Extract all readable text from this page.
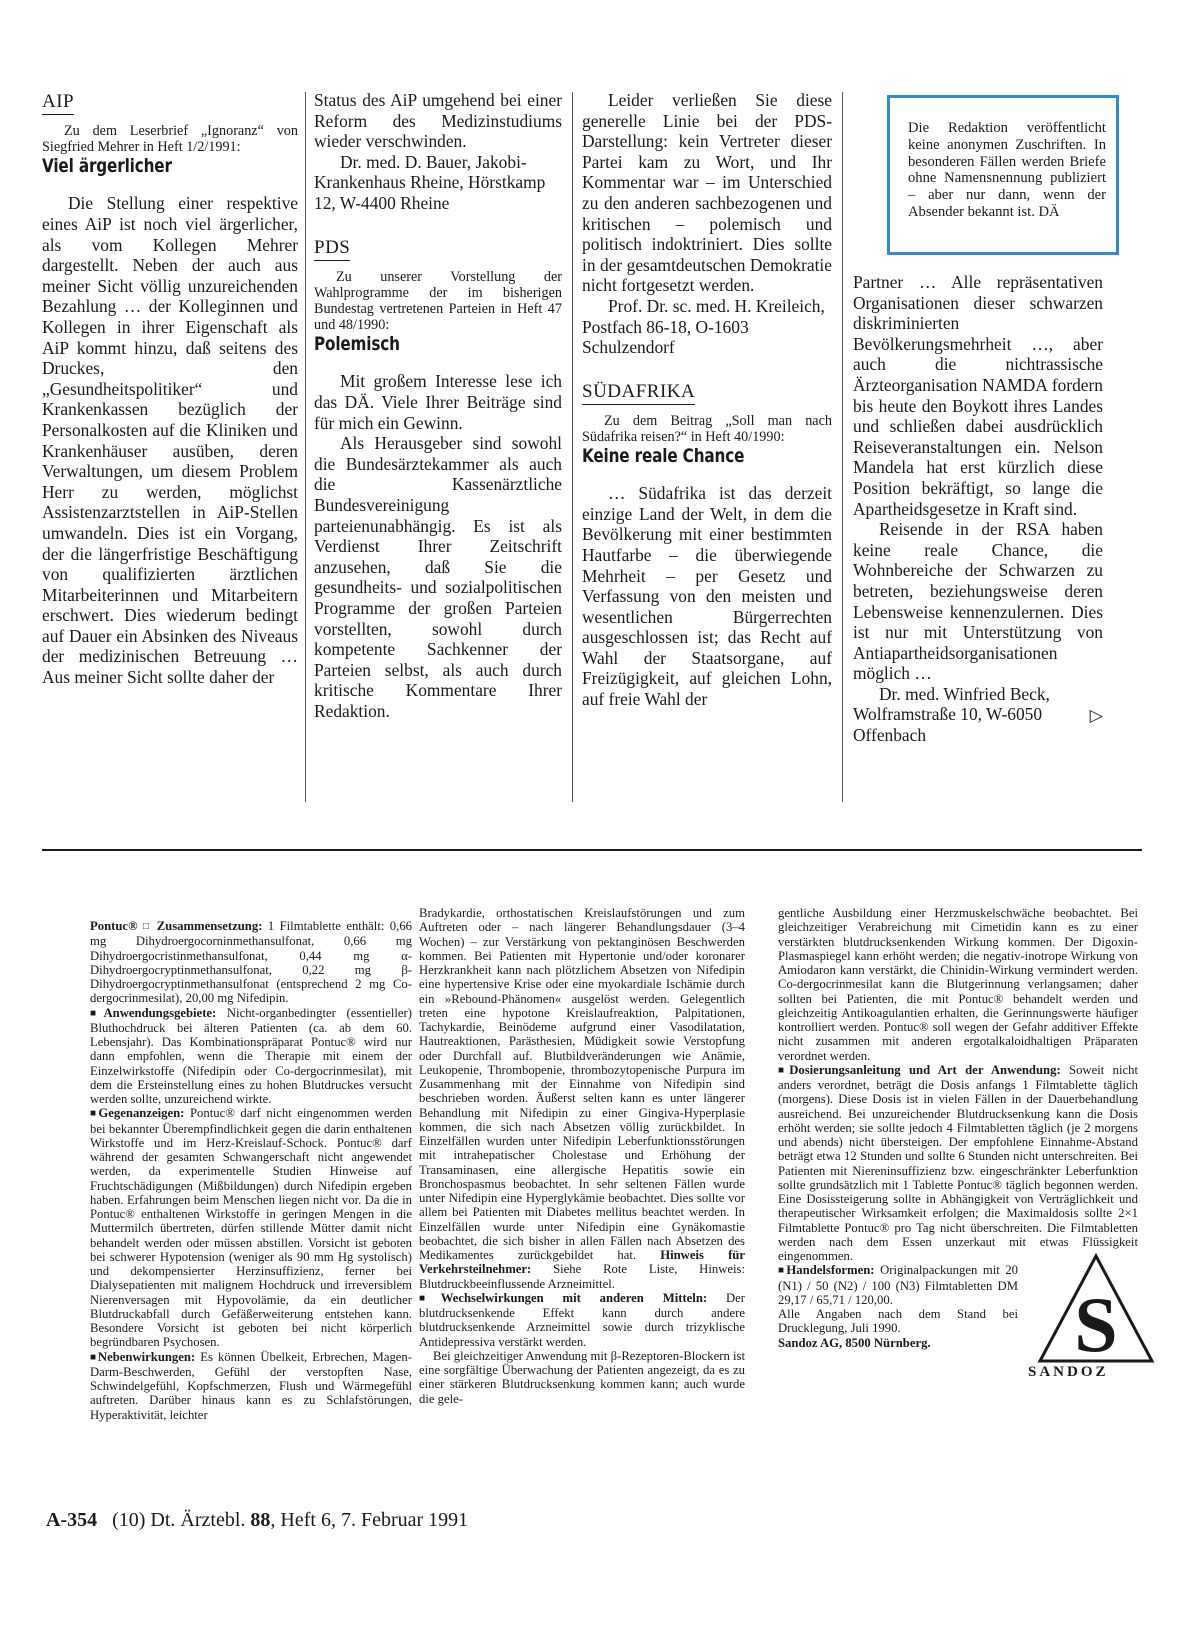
AIP

Zu dem Leserbrief „Ignoranz“ von Siegfried Mehrer in Heft 1/2/1991:

Viel ärgerlicher

Die Stellung einer respektive eines AiP ist noch viel ärgerlicher, als vom Kollegen Mehrer dargestellt. Neben der auch aus meiner Sicht völlig unzureichenden Bezahlung … der Kolleginnen und Kollegen in ihrer Eigenschaft als AiP kommt hinzu, daß seitens des Druckes, den „Gesundheitspolitiker“ und Krankenkassen bezüglich der Personalkosten auf die Kliniken und Krankenhäuser ausüben, deren Verwaltungen, um diesem Problem Herr zu werden, möglichst Assistenzarztstellen in AiP-Stellen umwandeln. Dies ist ein Vorgang, der die längerfristige Beschäftigung von qualifizierten ärztlichen Mitarbeiterinnen und Mitarbeitern erschwert. Dies wiederum bedingt auf Dauer ein Absinken des Niveaus der medizinischen Betreuung … Aus meiner Sicht sollte daher der

Status des AiP umgehend bei einer Reform des Medizinstudiums wieder verschwinden.

Dr. med. D. Bauer, Jakobi-Krankenhaus Rheine, Hörstkamp 12, W-4400 Rheine

PDS

Zu unserer Vorstellung der Wahlprogramme der im bisherigen Bundestag vertretenen Parteien in Heft 47 und 48/1990:

Polemisch

Mit großem Interesse lese ich das DÄ. Viele Ihrer Beiträge sind für mich ein Gewinn.

Als Herausgeber sind sowohl die Bundesärztekammer als auch die Kassenärztliche Bundesvereinigung parteienunabhängig. Es ist als Verdienst Ihrer Zeitschrift anzusehen, daß Sie die gesundheits- und sozialpolitischen Programme der großen Parteien vorstellten, sowohl durch kompetente Sachkenner der Parteien selbst, als auch durch kritische Kommentare Ihrer Redaktion.

Leider verließen Sie diese generelle Linie bei der PDS-Darstellung: kein Vertreter dieser Partei kam zu Wort, und Ihr Kommentar war – im Unterschied zu den anderen sachbezogenen und kritischen – polemisch und politisch indoktriniert. Dies sollte in der gesamtdeutschen Demokratie nicht fortgesetzt werden.

Prof. Dr. sc. med. H. Kreileich, Postfach 86-18, O-1603 Schulzendorf

SÜDAFRIKA

Zu dem Beitrag „Soll man nach Südafrika reisen?“ in Heft 40/1990:

Keine reale Chance

… Südafrika ist das derzeit einzige Land der Welt, in dem die Bevölkerung mit einer bestimmten Hautfarbe – die überwiegende Mehrheit – per Gesetz und Verfassung von den meisten und wesentlichen Bürgerrechten ausgeschlossen ist; das Recht auf Wahl der Staatsorgane, auf Freizügigkeit, auf gleichen Lohn, auf freie Wahl der

Die Redaktion veröffentlicht keine anonymen Zuschriften. In besonderen Fällen werden Briefe ohne Namensnennung publiziert – aber nur dann, wenn der Absender bekannt ist. DÄ

Partner … Alle repräsentativen Organisationen dieser schwarzen diskriminierten Bevölkerungsmehrheit …, aber auch die nichtrassische Ärzteorganisation NAMDA fordern bis heute den Boykott ihres Landes und schließen dabei ausdrücklich Reiseveranstaltungen ein. Nelson Mandela hat erst kürzlich diese Position bekräftigt, so lange die Apartheidsgesetze in Kraft sind.

Reisende in der RSA haben keine reale Chance, die Wohnbereiche der Schwarzen zu betreten, beziehungsweise deren Lebensweise kennenzulernen. Dies ist nur mit Unterstützung von Antiapartheidsorganisationen möglich …

Dr. med. Winfried Beck, Wolframstraße 10, W-6050 Offenbach
▷

Pontuc® □ Zusammensetzung: 1 Filmtablette enthält: 0,66 mg Dihydroergocorninmethansulfonat, 0,66 mg Dihydroergocristinmethansulfonat, 0,44 mg α-Dihydroergocryptinmethansulfonat, 0,22 mg β-Dihydroergocryptinmethansulfonat (entsprechend 2 mg Co-dergocrinmesilat), 20,00 mg Nifedipin.

■Anwendungsgebiete: Nicht-organbedingter (essentieller) Bluthochdruck bei älteren Patienten (ca. ab dem 60. Lebensjahr). Das Kombinationspräparat Pontuc® wird nur dann empfohlen, wenn die Therapie mit einem der Einzelwirkstoffe (Nifedipin oder Co-dergocrinmesilat), mit dem die Ersteinstellung eines zu hohen Blutdruckes versucht werden sollte, unzureichend wirkte.

■Gegenanzeigen: Pontuc® darf nicht eingenommen werden bei bekannter Überempfindlichkeit gegen die darin enthaltenen Wirkstoffe und im Herz-Kreislauf-Schock. Pontuc® darf während der gesamten Schwangerschaft nicht angewendet werden, da experimentelle Studien Hinweise auf Fruchtschädigungen (Mißbildungen) durch Nifedipin ergeben haben. Erfahrungen beim Menschen liegen nicht vor. Da die in Pontuc® enthaltenen Wirkstoffe in geringen Mengen in die Muttermilch übertreten, dürfen stillende Mütter damit nicht behandelt werden oder müssen abstillen. Vorsicht ist geboten bei schwerer Hypotension (weniger als 90 mm Hg systolisch) und dekompensierter Herzinsuffizienz, ferner bei Dialysepatienten mit malignem Hochdruck und irreversiblem Nierenversagen mit Hypovolämie, da ein deutlicher Blutdruckabfall durch Gefäßerweiterung entstehen kann. Besondere Vorsicht ist geboten bei nicht körperlich begründbaren Psychosen.

■Nebenwirkungen: Es können Übelkeit, Erbrechen, Magen-Darm-Beschwerden, Gefühl der verstopften Nase, Schwindelgefühl, Kopfschmerzen, Flush und Wärmegefühl auftreten. Darüber hinaus kann es zu Schlafstörungen, Hyperaktivität, leichter

Bradykardie, orthostatischen Kreislaufstörungen und zum Auftreten oder – nach längerer Behandlungsdauer (3–4 Wochen) – zur Verstärkung von pektanginösen Beschwerden kommen. Bei Patienten mit Hypertonie und/oder koronarer Herzkrankheit kann nach plötzlichem Absetzen von Nifedipin eine hypertensive Krise oder eine myokardiale Ischämie durch ein »Rebound-Phänomen« ausgelöst werden. Gelegentlich treten eine hypotone Kreislaufreaktion, Palpitationen, Tachykardie, Beinödeme aufgrund einer Vasodilatation, Hautreaktionen, Parästhesien, Müdigkeit sowie Verstopfung oder Durchfall auf. Blutbildveränderungen wie Anämie, Leukopenie, Thrombopenie, thrombozytopenische Purpura im Zusammenhang mit der Einnahme von Nifedipin sind beschrieben worden. Äußerst selten kann es unter längerer Behandlung mit Nifedipin zu einer Gingiva-Hyperplasie kommen, die sich nach Absetzen völlig zurückbildet. In Einzelfällen wurden unter Nifedipin Leberfunktionsstörungen mit intrahepatischer Cholestase und Erhöhung der Transaminasen, eine allergische Hepatitis sowie ein Bronchospasmus beobachtet. In sehr seltenen Fällen wurde unter Nifedipin eine Hyperglykämie beobachtet. Dies sollte vor allem bei Patienten mit Diabetes mellitus beachtet werden. In Einzelfällen wurde unter Nifedipin eine Gynäkomastie beobachtet, die sich bisher in allen Fällen nach Absetzen des Medikamentes zurückgebildet hat. Hinweis für Verkehrsteilnehmer: Siehe Rote Liste, Hinweis: Blutdruckbeeinflussende Arzneimittel.

■Wechselwirkungen mit anderen Mitteln: Der blutdrucksenkende Effekt kann durch andere blutdrucksenkende Arzneimittel sowie durch trizyklische Antidepressiva verstärkt werden.

Bei gleichzeitiger Anwendung mit β-Rezeptoren-Blockern ist eine sorgfältige Überwachung der Patienten angezeigt, da es zu einer stärkeren Blutdrucksenkung kommen kann; auch wurde die gele-

gentliche Ausbildung einer Herzmuskelschwäche beobachtet. Bei gleichzeitiger Verabreichung mit Cimetidin kann es zu einer verstärkten blutdrucksenkenden Wirkung kommen. Der Digoxin-Plasmaspiegel kann erhöht werden; die negativ-inotrope Wirkung von Amiodaron kann verstärkt, die Chinidin-Wirkung vermindert werden. Co-dergocrinmesilat kann die Blutgerinnung verlangsamen; daher sollten bei Patienten, die mit Pontuc® behandelt werden und gleichzeitig Antikoagulantien erhalten, die Gerinnungswerte häufiger kontrolliert werden. Pontuc® soll wegen der Gefahr additiver Effekte nicht zusammen mit anderen ergotalkaloidhaltigen Präparaten verordnet werden.

■Dosierungsanleitung und Art der Anwendung: Soweit nicht anders verordnet, beträgt die Dosis anfangs 1 Filmtablette täglich (morgens). Diese Dosis ist in vielen Fällen in der Dauerbehandlung ausreichend. Bei unzureichender Blutdrucksenkung kann die Dosis erhöht werden; sie sollte jedoch 4 Filmtabletten täglich (je 2 morgens und abends) nicht übersteigen. Der empfohlene Einnahme-Abstand beträgt etwa 12 Stunden und sollte 6 Stunden nicht unterschreiten. Bei Patienten mit Niereninsuffizienz bzw. eingeschränkter Leberfunktion sollte grundsätzlich mit 1 Tablette Pontuc® täglich begonnen werden. Eine Dosissteigerung sollte in Abhängigkeit von Verträglichkeit und therapeutischer Wirksamkeit erfolgen; die Maximaldosis sollte 2×1 Filmtablette Pontuc® pro Tag nicht überschreiten. Die Filmtabletten werden nach dem Essen unzerkaut mit etwas Flüssigkeit eingenommen.

■Handelsformen: Originalpackungen mit 20 (N1) / 50 (N2) / 100 (N3) Filmtabletten DM 29,17 / 65,71 / 120,00.

Alle Angaben nach dem Stand bei Drucklegung, Juli 1990.

Sandoz AG, 8500 Nürnberg.	S
SANDOZ
A-354 (10) Dt. Ärztebl. 88, Heft 6, 7. Februar 1991
